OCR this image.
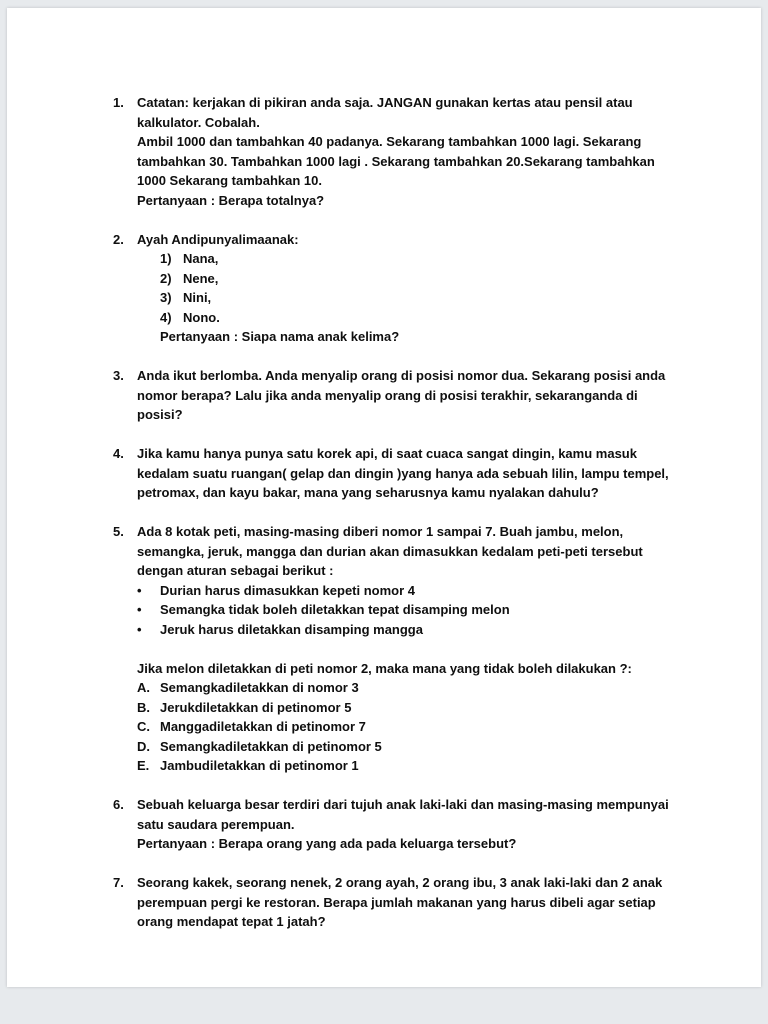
1.	Catatan: kerjakan di pikiran anda saja. JANGAN gunakan kertas atau pensil atau kalkulator. Cobalah.
Ambil 1000 dan tambahkan 40 padanya. Sekarang tambahkan 1000 lagi. Sekarang tambahkan 30. Tambahkan 1000 lagi . Sekarang tambahkan 20.Sekarang tambahkan 1000 Sekarang tambahkan 10.
Pertanyaan : Berapa totalnya?
2.	Ayah Andipunyalimaanak:
1) Nana,
2) Nene,
3) Nini,
4) Nono.
Pertanyaan : Siapa nama anak kelima?
3.	Anda ikut berlomba. Anda menyalip orang di posisi nomor dua. Sekarang posisi anda nomor berapa? Lalu jika anda menyalip orang di posisi terakhir, sekaranganda di posisi?
4.	Jika kamu hanya punya satu korek api, di saat cuaca sangat dingin, kamu masuk kedalam suatu ruangan( gelap dan dingin )yang hanya ada sebuah lilin, lampu tempel, petromax, dan kayu bakar, mana yang seharusnya kamu nyalakan dahulu?
5.	Ada 8 kotak peti, masing-masing diberi nomor 1 sampai 7. Buah jambu, melon, semangka, jeruk, mangga dan durian akan dimasukkan kedalam peti-peti tersebut dengan aturan sebagai berikut :
•	Durian harus dimasukkan kepeti nomor 4
•	Semangka tidak boleh diletakkan tepat disamping melon
•	Jeruk harus diletakkan disamping mangga
Jika melon diletakkan di peti nomor 2, maka mana yang tidak boleh dilakukan ?:
A. Semangkadiletakkan di nomor 3
B. Jerukdiletakkan di petinomor 5
C. Manggadiletakkan di petinomor 7
D. Semangkadiletakkan di petinomor 5
E. Jambudiletakkan di petinomor 1
6.	Sebuah keluarga besar terdiri dari tujuh anak laki-laki dan masing-masing mempunyai satu saudara perempuan.
Pertanyaan : Berapa orang yang ada pada keluarga tersebut?
7.	Seorang kakek, seorang nenek, 2 orang ayah, 2 orang ibu, 3 anak laki-laki dan 2 anak perempuan pergi ke restoran. Berapa jumlah makanan yang harus dibeli agar setiap orang mendapat tepat 1 jatah?
